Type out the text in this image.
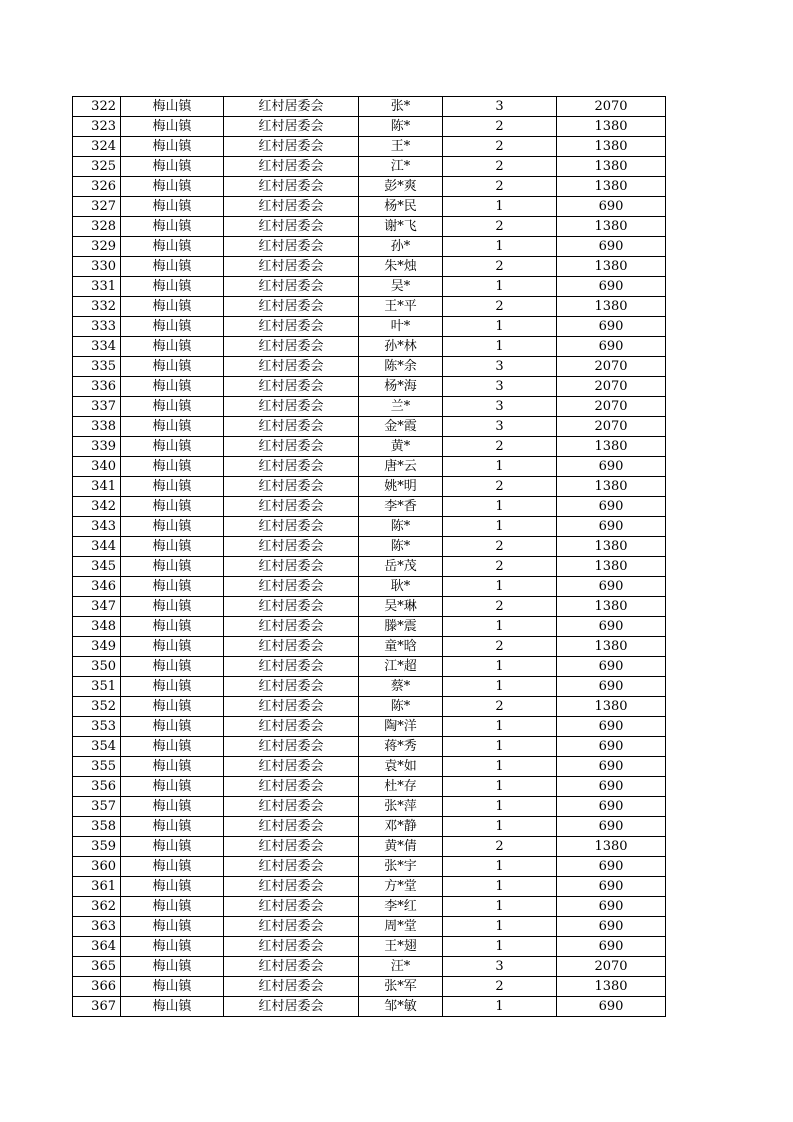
322	梅山镇	红村居委会	张*	3	2070
323	梅山镇	红村居委会	陈*	2	1380
324	梅山镇	红村居委会	王*	2	1380
325	梅山镇	红村居委会	江*	2	1380
326	梅山镇	红村居委会	彭*爽	2	1380
327	梅山镇	红村居委会	杨*民	1	690
328	梅山镇	红村居委会	谢*飞	2	1380
329	梅山镇	红村居委会	孙*	1	690
330	梅山镇	红村居委会	朱*烛	2	1380
331	梅山镇	红村居委会	吴*	1	690
332	梅山镇	红村居委会	王*平	2	1380
333	梅山镇	红村居委会	叶*	1	690
334	梅山镇	红村居委会	孙*林	1	690
335	梅山镇	红村居委会	陈*余	3	2070
336	梅山镇	红村居委会	杨*海	3	2070
337	梅山镇	红村居委会	兰*	3	2070
338	梅山镇	红村居委会	金*霞	3	2070
339	梅山镇	红村居委会	黄*	2	1380
340	梅山镇	红村居委会	唐*云	1	690
341	梅山镇	红村居委会	姚*明	2	1380
342	梅山镇	红村居委会	李*香	1	690
343	梅山镇	红村居委会	陈*	1	690
344	梅山镇	红村居委会	陈*	2	1380
345	梅山镇	红村居委会	岳*茂	2	1380
346	梅山镇	红村居委会	耿*	1	690
347	梅山镇	红村居委会	吴*琳	2	1380
348	梅山镇	红村居委会	滕*震	1	690
349	梅山镇	红村居委会	童*晗	2	1380
350	梅山镇	红村居委会	江*超	1	690
351	梅山镇	红村居委会	蔡*	1	690
352	梅山镇	红村居委会	陈*	2	1380
353	梅山镇	红村居委会	陶*洋	1	690
354	梅山镇	红村居委会	蒋*秀	1	690
355	梅山镇	红村居委会	袁*如	1	690
356	梅山镇	红村居委会	杜*存	1	690
357	梅山镇	红村居委会	张*萍	1	690
358	梅山镇	红村居委会	邓*静	1	690
359	梅山镇	红村居委会	黄*倩	2	1380
360	梅山镇	红村居委会	张*宇	1	690
361	梅山镇	红村居委会	方*堂	1	690
362	梅山镇	红村居委会	李*红	1	690
363	梅山镇	红村居委会	周*堂	1	690
364	梅山镇	红村居委会	王*翅	1	690
365	梅山镇	红村居委会	汪*	3	2070
366	梅山镇	红村居委会	张*军	2	1380
367	梅山镇	红村居委会	邹*敏	1	690
